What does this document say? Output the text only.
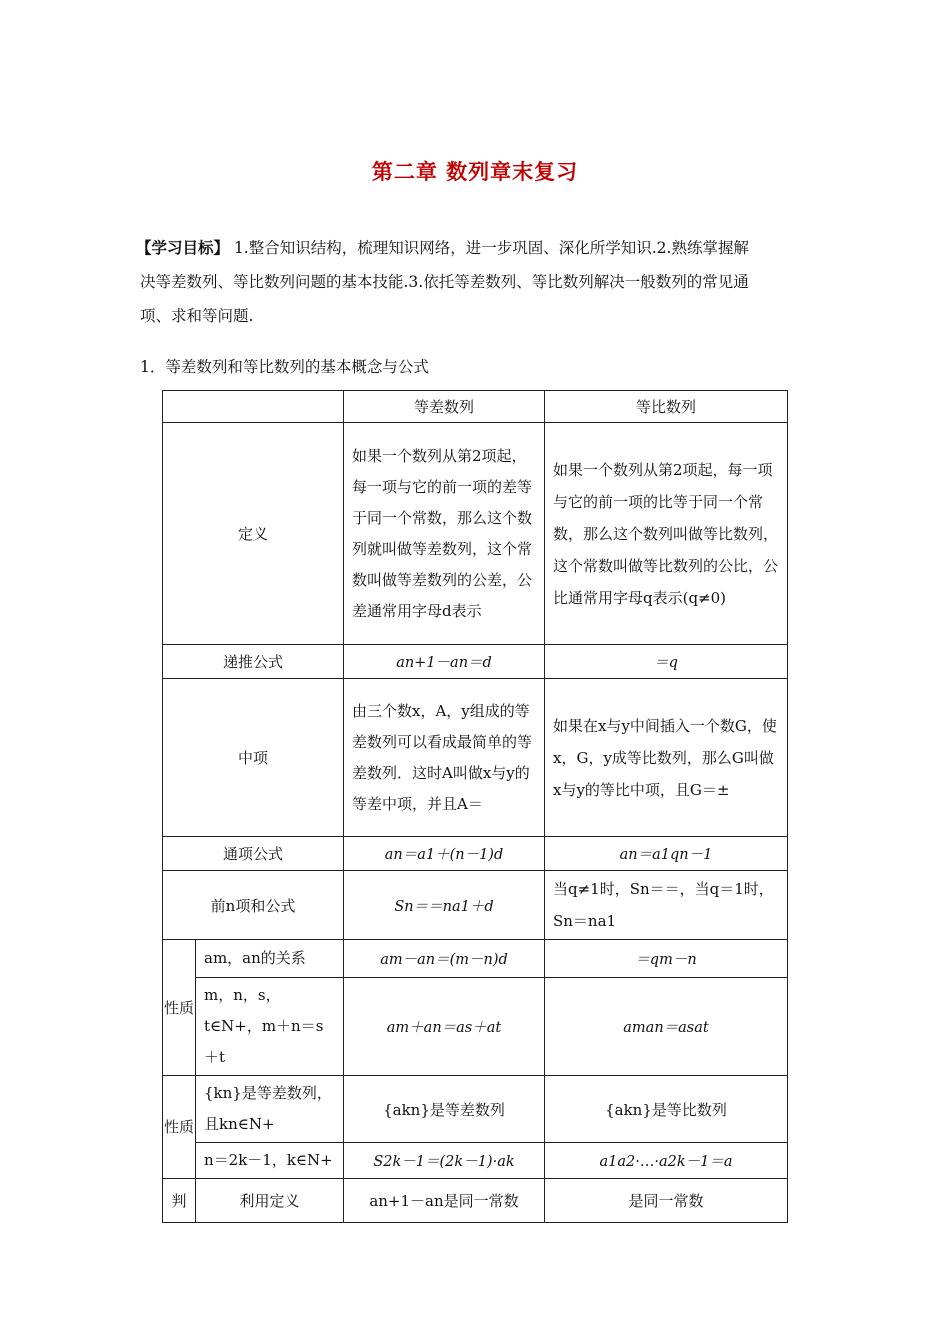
第二章 数列章末复习
【学习目标】 1.整合知识结构，梳理知识网络，进一步巩固、深化所学知识.2.熟练掌握解
决等差数列、等比数列问题的基本技能.3.依托等差数列、等比数列解决一般数列的常见通
项、求和等问题.
1．等差数列和等比数列的基本概念与公式
		等差数列	等比数列
定义		如果一个数列从第2项起，每一项与它的前一项的差等于同一个常数，那么这个数列就叫做等差数列，这个常数叫做等差数列的公差，公差通常用字母d表示	如果一个数列从第2项起，每一项与它的前一项的比等于同一个常数，那么这个数列叫做等比数列，这个常数叫做等比数列的公比，公比通常用字母q表示(q≠0)
递推公式		an+1－an＝d	＝q
中项		由三个数x，A，y组成的等差数列可以看成最简单的等差数列．这时A叫做x与y的等差中项，并且A＝	如果在x与y中间插入一个数G，使x，G，y成等比数列，那么G叫做x与y的等比中项，且G＝±
通项公式		an＝a1＋(n－1)d	an＝a1qn－1
前n项和公式		Sn＝＝na1＋d	当q≠1时，Sn＝＝，当q＝1时，Sn＝na1
性质	am，an的关系	am－an＝(m－n)d	＝qm－n
	m，n，s，t∈N+，m＋n＝s＋t	am＋an＝as＋at	aman＝asat
性质	{kn}是等差数列，且kn∈N+	{akn}是等差数列	{akn}是等比数列
	n＝2k－1，k∈N+	S2k－1＝(2k－1)·ak	a1a2·…·a2k－1＝a
判	利用定义	an+1－an是同一常数	是同一常数
